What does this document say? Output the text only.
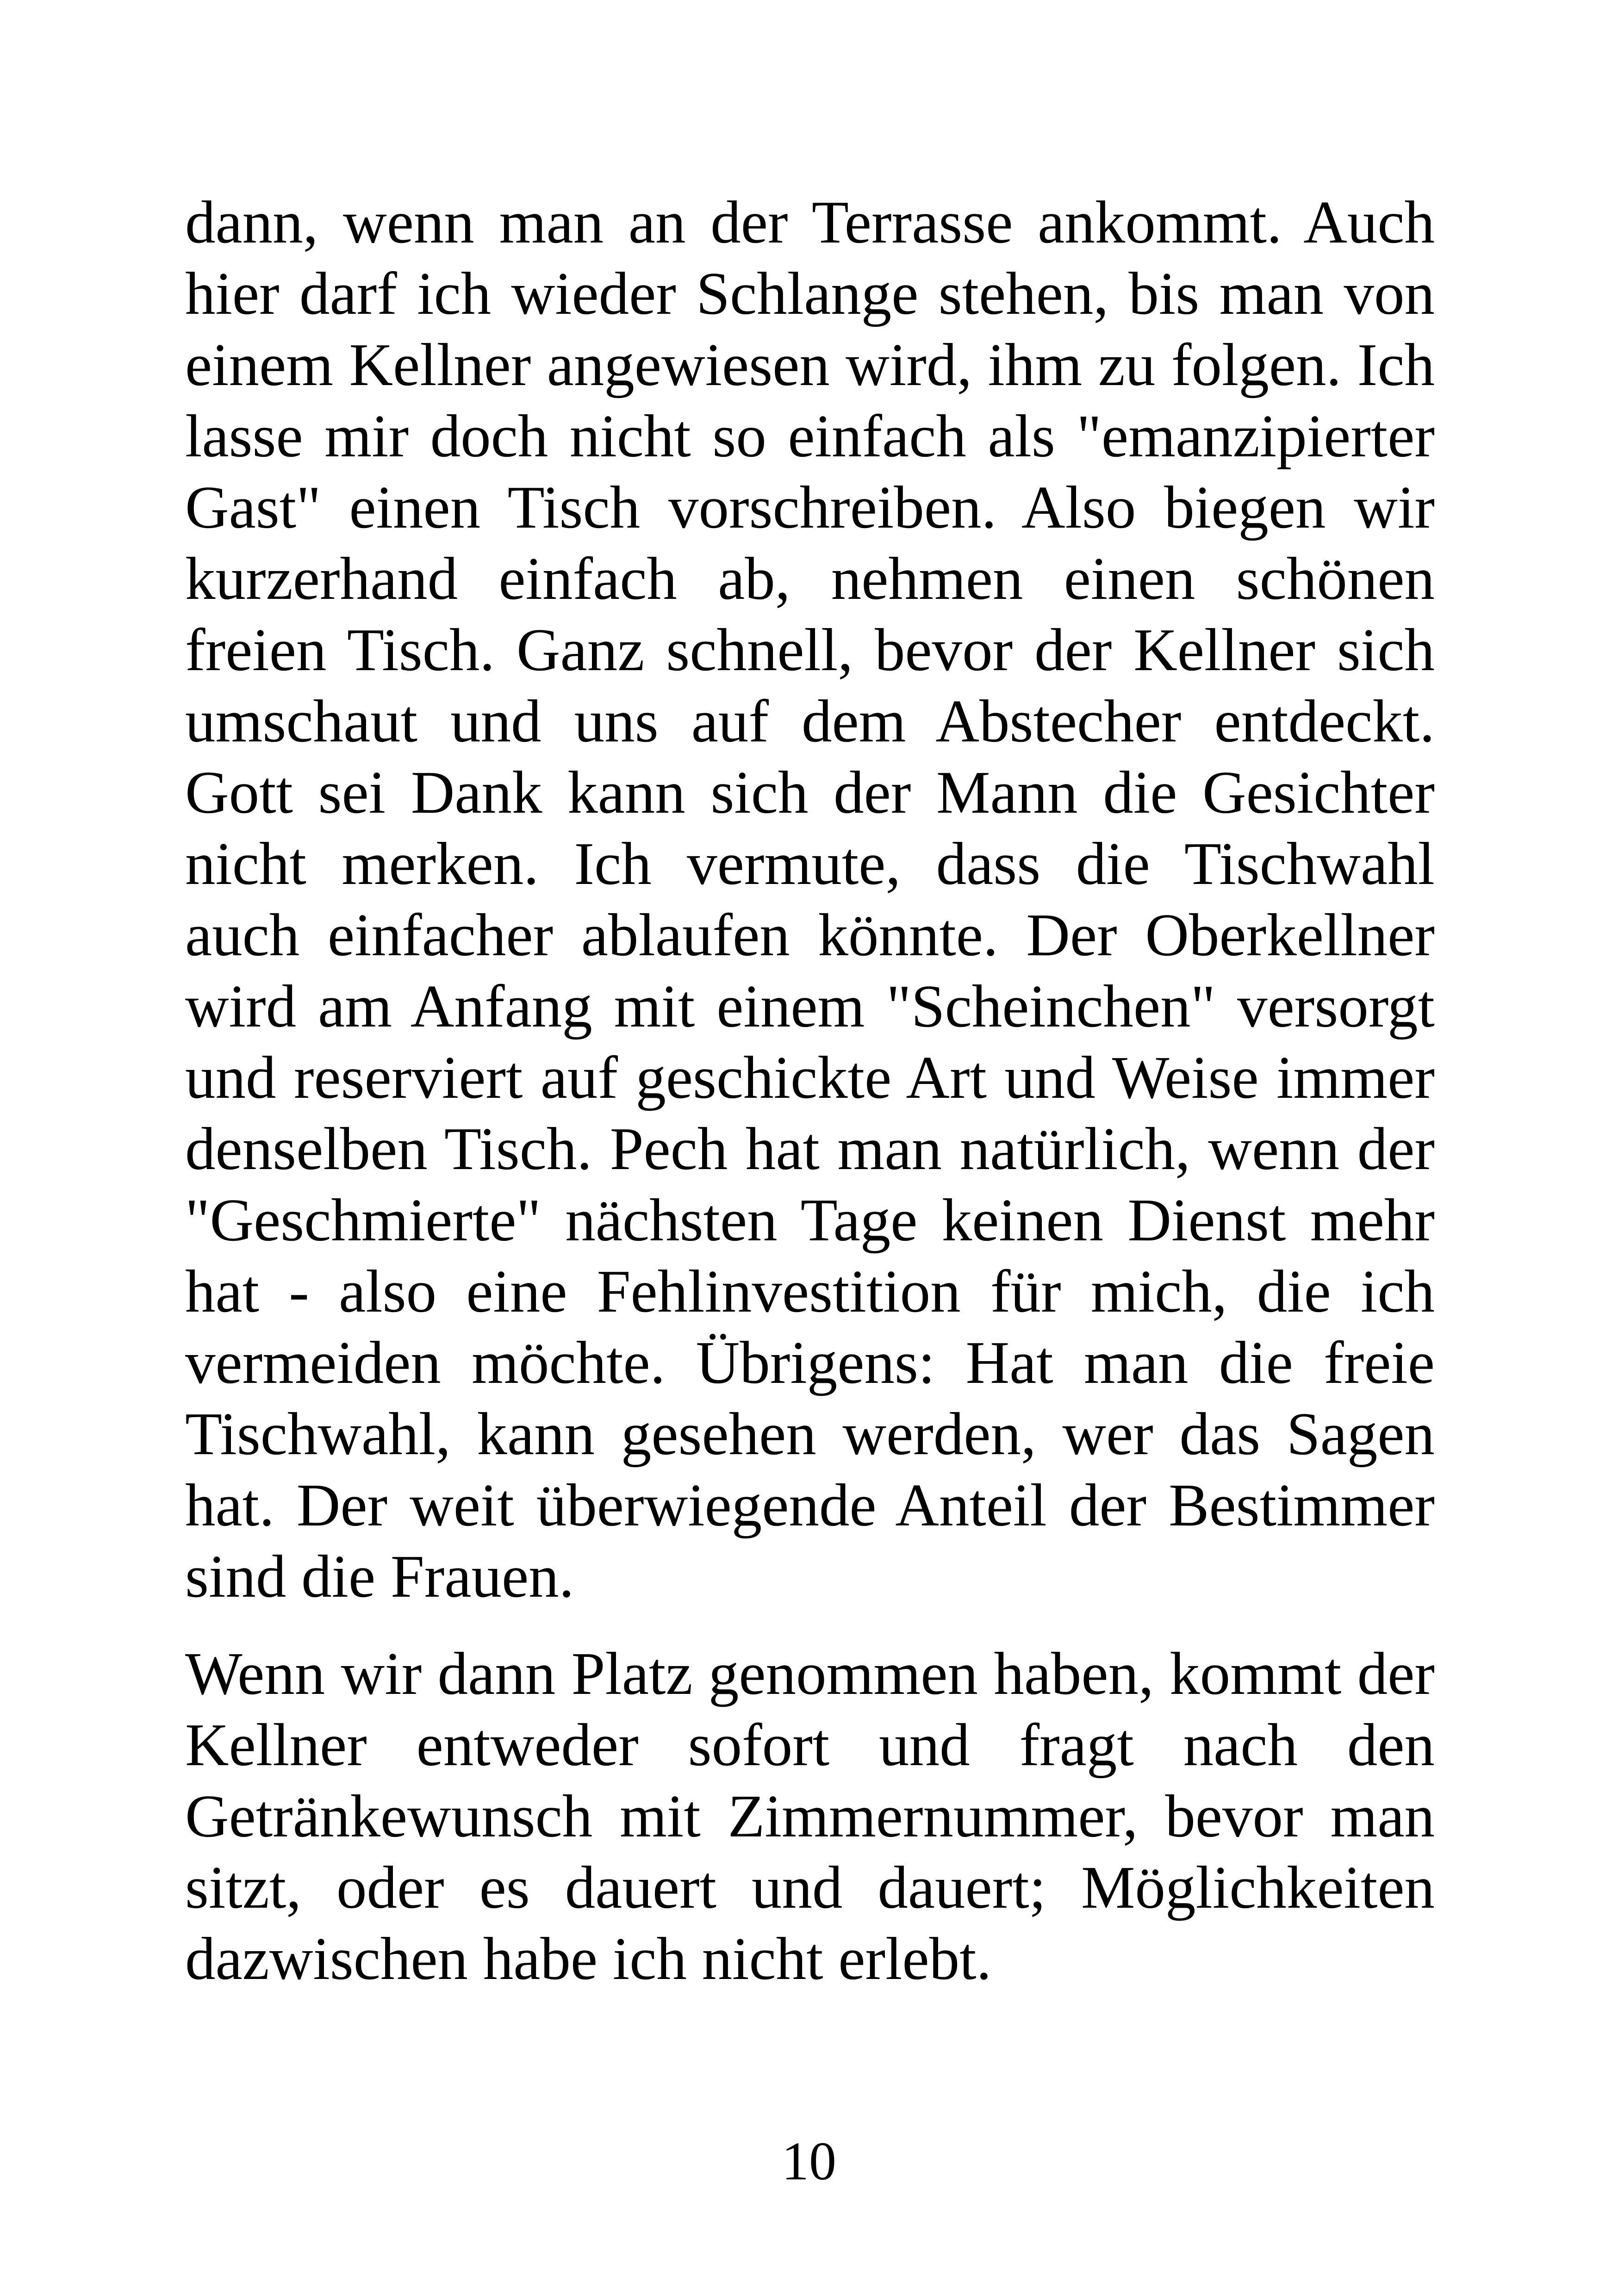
dann, wenn man an der Terrasse ankommt. Auch
hier darf ich wieder Schlange stehen, bis man von
einem Kellner angewiesen wird, ihm zu folgen. Ich
lasse mir doch nicht so einfach als "emanzipierter
Gast" einen Tisch vorschreiben. Also biegen wir
kurzerhand einfach ab, nehmen einen schönen
freien Tisch. Ganz schnell, bevor der Kellner sich
umschaut und uns auf dem Abstecher entdeckt.
Gott sei Dank kann sich der Mann die Gesichter
nicht merken. Ich vermute, dass die Tischwahl
auch einfacher ablaufen könnte. Der Oberkellner
wird am Anfang mit einem "Scheinchen" versorgt
und reserviert auf geschickte Art und Weise immer
denselben Tisch. Pech hat man natürlich, wenn der
"Geschmierte" nächsten Tage keinen Dienst mehr
hat - also eine Fehlinvestition für mich, die ich
vermeiden möchte. Übrigens: Hat man die freie
Tischwahl, kann gesehen werden, wer das Sagen
hat. Der weit überwiegende Anteil der Bestimmer
sind die Frauen.
Wenn wir dann Platz genommen haben, kommt der
Kellner entweder sofort und fragt nach den
Getränkewunsch mit Zimmernummer, bevor man
sitzt, oder es dauert und dauert; Möglichkeiten
dazwischen habe ich nicht erlebt.
10
